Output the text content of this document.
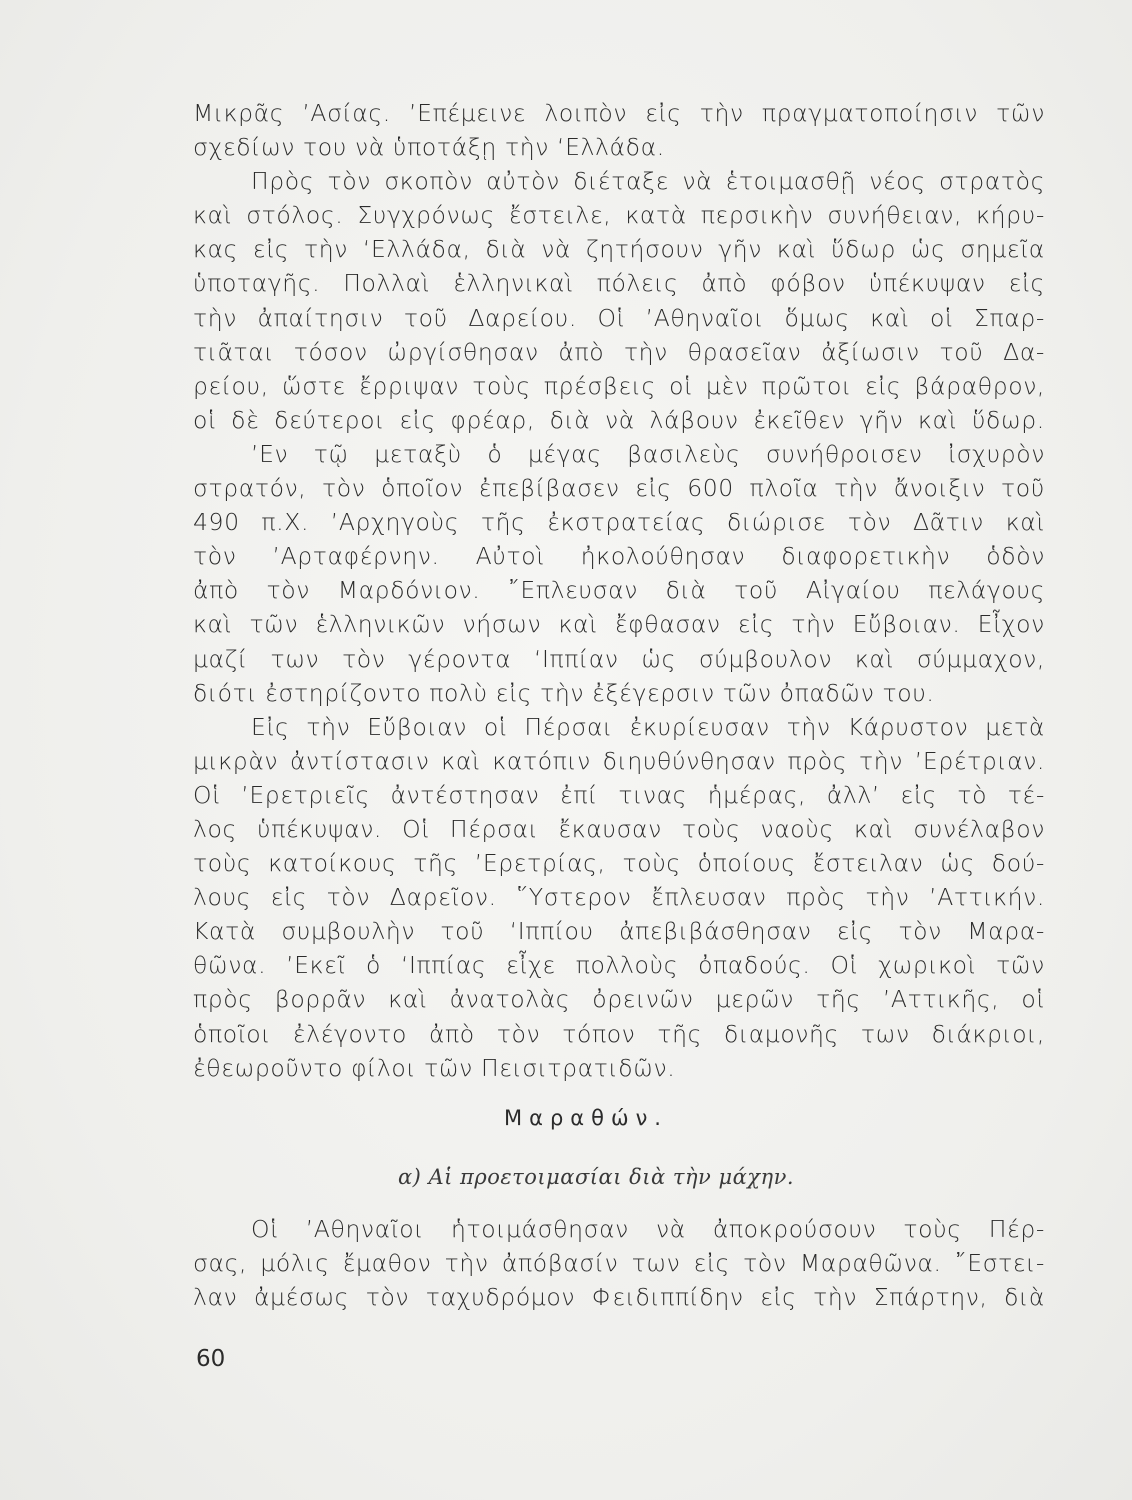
Μικρᾶς ’Ασίας. ’Επέμεινε λοιπὸν εἰς τὴν πραγματοποίησιν τῶν
σχεδίων του νὰ ὑποτάξῃ τὴν ‘Ελλάδα.
Πρὸς τὸν σκοπὸν αὐτὸν διέταξε νὰ ἑτοιμασθῇ νέος στρατὸς
καὶ στόλος. Συγχρόνως ἔστειλε, κατὰ περσικὴν συνήθειαν, κήρυ-
κας εἰς τὴν ‘Ελλάδα, διὰ νὰ ζητήσουν γῆν καὶ ὕδωρ ὡς σημεῖα
ὑποταγῆς. Πολλαὶ ἑλληνικαὶ πόλεις ἀπὸ φόβον ὑπέκυψαν εἰς
τὴν ἀπαίτησιν τοῦ Δαρείου. Οἱ ’Αθηναῖοι ὅμως καὶ οἱ Σπαρ-
τιᾶται τόσον ὠργίσθησαν ἀπὸ τὴν θρασεῖαν ἀξίωσιν τοῦ Δα-
ρείου, ὥστε ἔρριψαν τοὺς πρέσβεις οἱ μὲν πρῶτοι εἰς βάραθρον,
οἱ δὲ δεύτεροι εἰς φρέαρ, διὰ νὰ λάβουν ἐκεῖθεν γῆν καὶ ὕδωρ.
’Εν τῷ μεταξὺ ὁ μέγας βασιλεὺς συνήθροισεν ἰσχυρὸν
στρατόν, τὸν ὁποῖον ἐπεβίβασεν εἰς 600 πλοῖα τὴν ἄνοιξιν τοῦ
490 π.Χ. ’Αρχηγοὺς τῆς ἐκστρατείας διώρισε τὸν Δᾶτιν καὶ
τὸν ’Αρταφέρνην. Αὐτοὶ ἠκολούθησαν διαφορετικὴν ὁδὸν
ἀπὸ τὸν Μαρδόνιον. ῎Επλευσαν διὰ τοῦ Αἰγαίου πελάγους
καὶ τῶν ἑλληνικῶν νήσων καὶ ἔφθασαν εἰς τὴν Εὔβοιαν. Εἶχον
μαζί των τὸν γέροντα ‘Ιππίαν ὡς σύμβουλον καὶ σύμμαχον,
διότι ἐστηρίζοντο πολὺ εἰς τὴν ἐξέγερσιν τῶν ὀπαδῶν του.
Εἰς τὴν Εὔβοιαν οἱ Πέρσαι ἐκυρίευσαν τὴν Κάρυστον μετὰ
μικρὰν ἀντίστασιν καὶ κατόπιν διηυθύνθησαν πρὸς τὴν ’Ερέτριαν.
Οἱ ’Ερετριεῖς ἀντέστησαν ἐπί τινας ἡμέρας, ἀλλ’ εἰς τὸ τέ-
λος ὑπέκυψαν. Οἱ Πέρσαι ἔκαυσαν τοὺς ναοὺς καὶ συνέλαβον
τοὺς κατοίκους τῆς ’Ερετρίας, τοὺς ὁποίους ἔστειλαν ὡς δού-
λους εἰς τὸν Δαρεῖον. ῞Υστερον ἔπλευσαν πρὸς τὴν ’Αττικήν.
Κατὰ συμβουλὴν τοῦ ‘Ιππίου ἀπεβιβάσθησαν εἰς τὸν Μαρα-
θῶνα. ’Εκεῖ ὁ ‘Ιππίας εἶχε πολλοὺς ὀπαδούς. Οἱ χωρικοὶ τῶν
πρὸς βορρᾶν καὶ ἀνατολὰς ὀρεινῶν μερῶν τῆς ’Αττικῆς, οἱ
ὁποῖοι ἐλέγοντο ἀπὸ τὸν τόπον τῆς διαμονῆς των διάκριοι,
ἐθεωροῦντο φίλοι τῶν Πεισιτρατιδῶν.
Μαραθών.
α) Αἱ προετοιμασίαι διὰ τὴν μάχην.
Οἱ ’Αθηναῖοι ἡτοιμάσθησαν νὰ ἀποκρούσουν τοὺς Πέρ-
σας, μόλις ἔμαθον τὴν ἀπόβασίν των εἰς τὸν Μαραθῶνα. ῎Εστει-
λαν ἀμέσως τὸν ταχυδρόμον Φειδιππίδην εἰς τὴν Σπάρτην, διὰ
60
